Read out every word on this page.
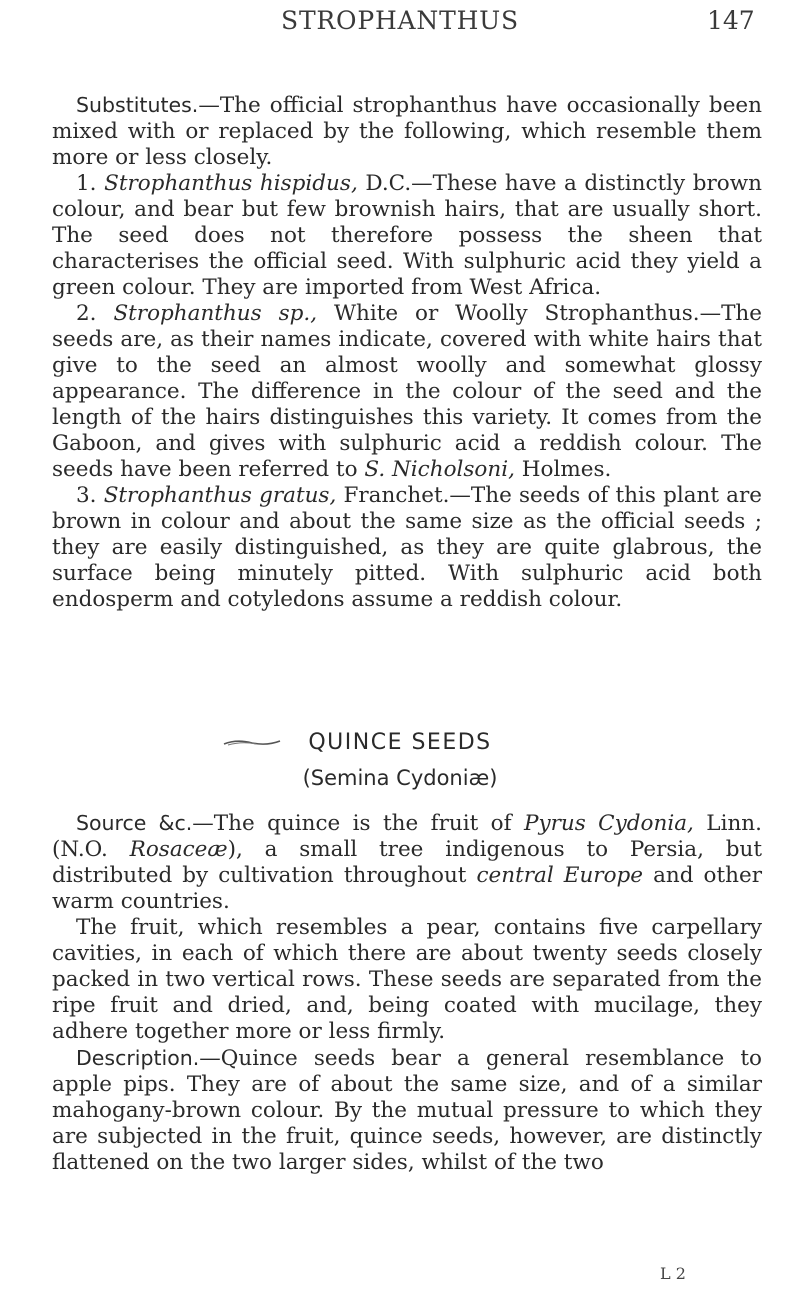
STROPHANTHUS	147

Substitutes.—The official strophanthus have occasionally been mixed with or replaced by the following, which resemble them more or less closely.

1. Strophanthus hispidus, D.C.—These have a distinctly brown colour, and bear but few brownish hairs, that are usually short. The seed does not therefore possess the sheen that characterises the official seed. With sulphuric acid they yield a green colour. They are imported from West Africa.

2. Strophanthus sp., White or Woolly Strophanthus.—The seeds are, as their names indicate, covered with white hairs that give to the seed an almost woolly and somewhat glossy appearance. The difference in the colour of the seed and the length of the hairs distinguishes this variety. It comes from the Gaboon, and gives with sulphuric acid a reddish colour. The seeds have been referred to S. Nicholsoni, Holmes.

3. Strophanthus gratus, Franchet.—The seeds of this plant are brown in colour and about the same size as the official seeds ; they are easily distinguished, as they are quite glabrous, the surface being minutely pitted. With sulphuric acid both endosperm and cotyledons assume a reddish colour.

QUINCE SEEDS
(Semina Cydoniæ)

Source &c.—The quince is the fruit of Pyrus Cydonia, Linn. (N.O. Rosaceæ), a small tree indigenous to Persia, but distributed by cultivation throughout central Europe and other warm countries.

The fruit, which resembles a pear, contains five carpellary cavities, in each of which there are about twenty seeds closely packed in two vertical rows. These seeds are separated from the ripe fruit and dried, and, being coated with mucilage, they adhere together more or less firmly.

Description.—Quince seeds bear a general resemblance to apple pips. They are of about the same size, and of a similar mahogany-brown colour. By the mutual pressure to which they are subjected in the fruit, quince seeds, however, are distinctly flattened on the two larger sides, whilst of the two

L 2
